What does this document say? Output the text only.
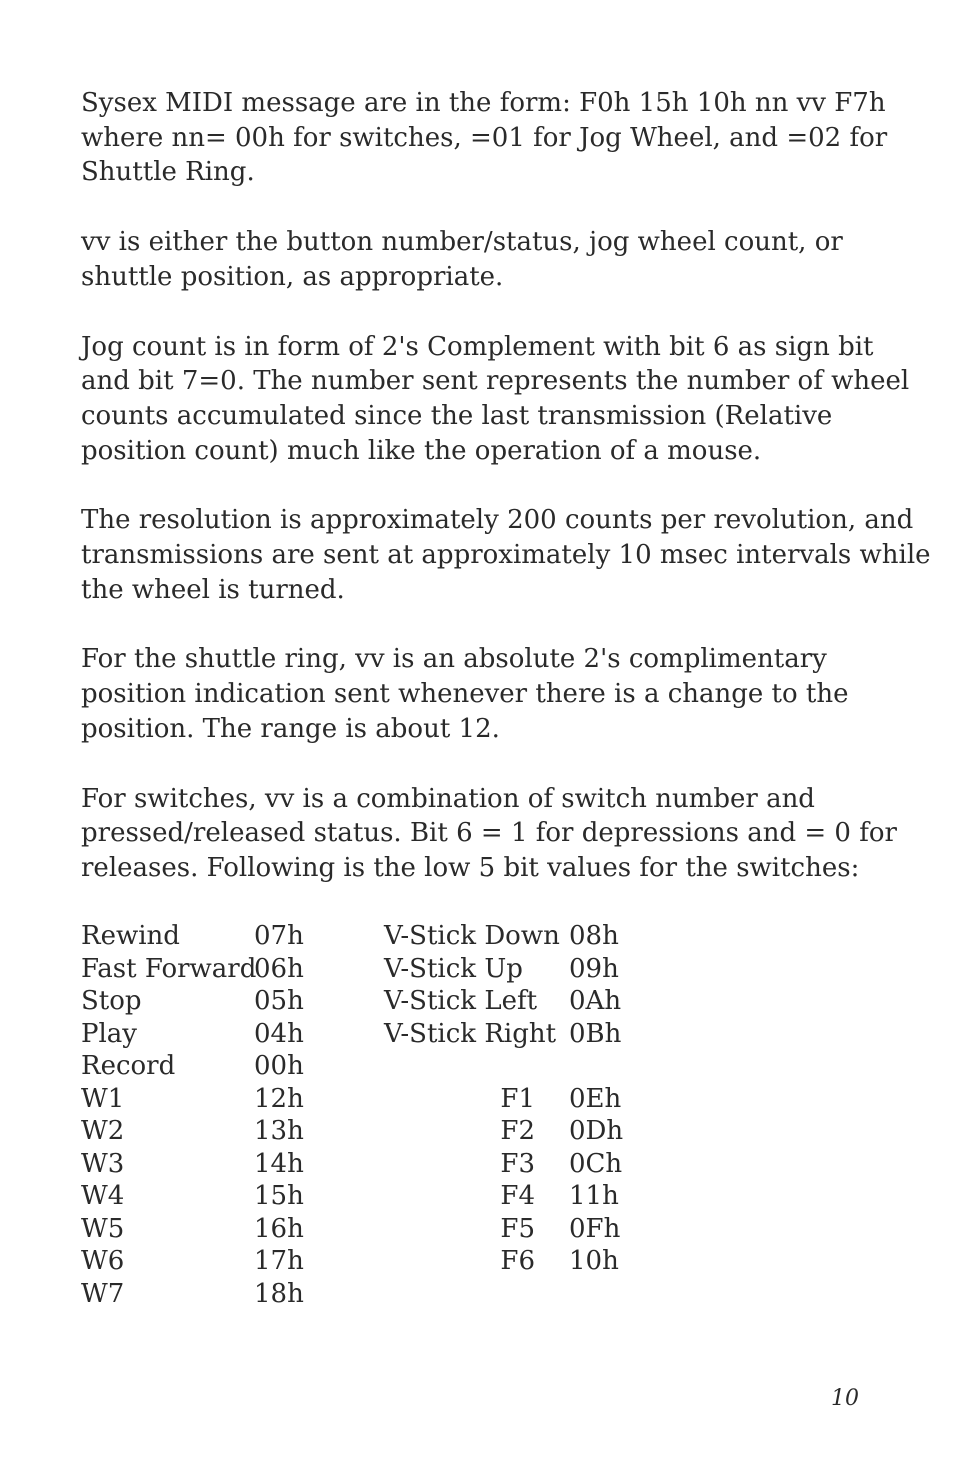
Sysex MIDI message are in the form: F0h 15h 10h nn vv F7h
where nn= 00h for switches, =01 for Jog Wheel, and =02 for
Shuttle Ring.

vv is either the button number/status, jog wheel count, or
shuttle position, as appropriate.

Jog count is in form of 2's Complement with bit 6 as sign bit
and bit 7=0. The number sent represents the number of wheel
counts accumulated since the last transmission (Relative
position count) much like the operation of a mouse.

The resolution is approximately 200 counts per revolution, and
transmissions are sent at approximately 10 msec intervals while
the wheel is turned.

For the shuttle ring, vv is an absolute 2's complimentary
position indication sent whenever there is a change to the
position. The range is about 12.

For switches, vv is a combination of switch number and
pressed/released status. Bit 6 = 1 for depressions and = 0 for
releases. Following is the low 5 bit values for the switches:

Rewind
Fast Forward
Stop
Play
Record
W1
W2
W3
W4
W5
W6
W7
07h
06h
05h
04h
00h
12h
13h
14h
15h
16h
17h
18h
V-Stick Down
V-Stick Up
V-Stick Left
V-Stick Right
F1
F2
F3
F4
F5
F6
08h
09h
0Ah
0Bh
0Eh
0Dh
0Ch
11h
0Fh
10h
10
